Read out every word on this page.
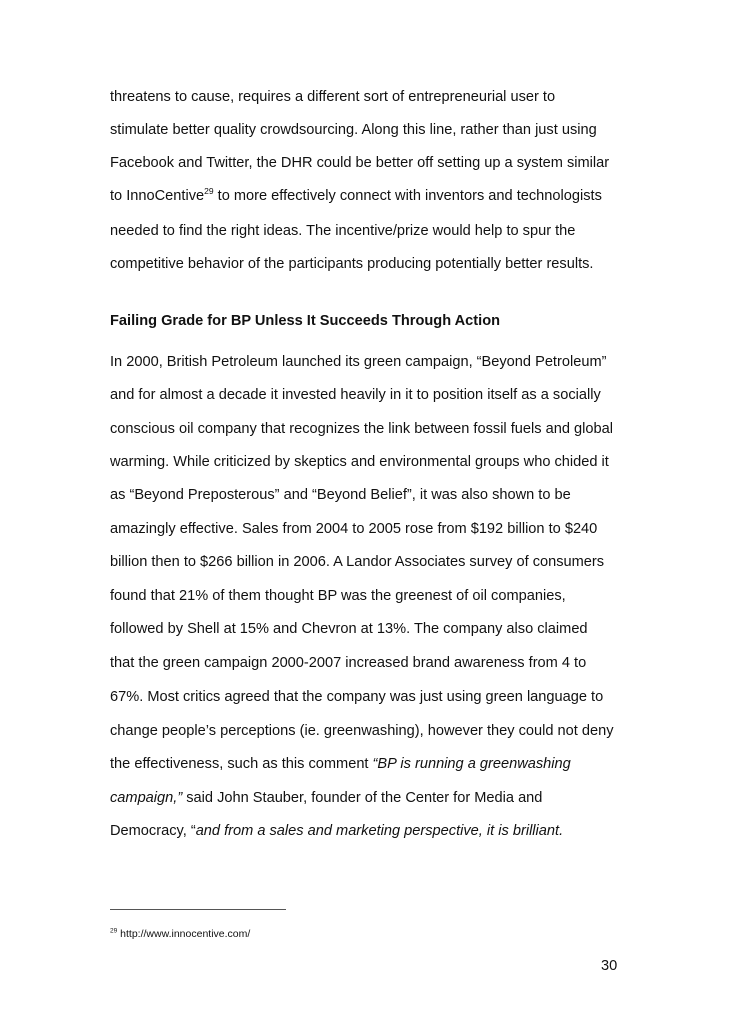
threatens to cause, requires a different sort of entrepreneurial user to
stimulate better quality crowdsourcing. Along this line, rather than just using
Facebook and Twitter, the DHR could be better off setting up a system similar
to InnoCentive$^{29}$ to more effectively connect with inventors and technologists
needed to find the right ideas. The incentive/prize would help to spur the
competitive behavior of the participants producing potentially better results.
Failing Grade for BP Unless It Succeeds Through Action
In 2000, British Petroleum launched its green campaign, “Beyond Petroleum”
and for almost a decade it invested heavily in it to position itself as a socially
conscious oil company that recognizes the link between fossil fuels and global
warming. While criticized by skeptics and environmental groups who chided it
as “Beyond Preposterous” and “Beyond Belief”, it was also shown to be
amazingly effective. Sales from 2004 to 2005 rose from $192 billion to $240
billion then to $266 billion in 2006. A Landor Associates survey of consumers
found that 21% of them thought BP was the greenest of oil companies,
followed by Shell at 15% and Chevron at 13%. The company also claimed
that the green campaign 2000-2007 increased brand awareness from 4 to
67%. Most critics agreed that the company was just using green language to
change people’s perceptions (ie. greenwashing), however they could not deny
the effectiveness, such as this comment “BP is running a greenwashing
campaign,” said John Stauber, founder of the Center for Media and
Democracy, “and from a sales and marketing perspective, it is brilliant.
$^{29}$ http://www.innocentive.com/
30
